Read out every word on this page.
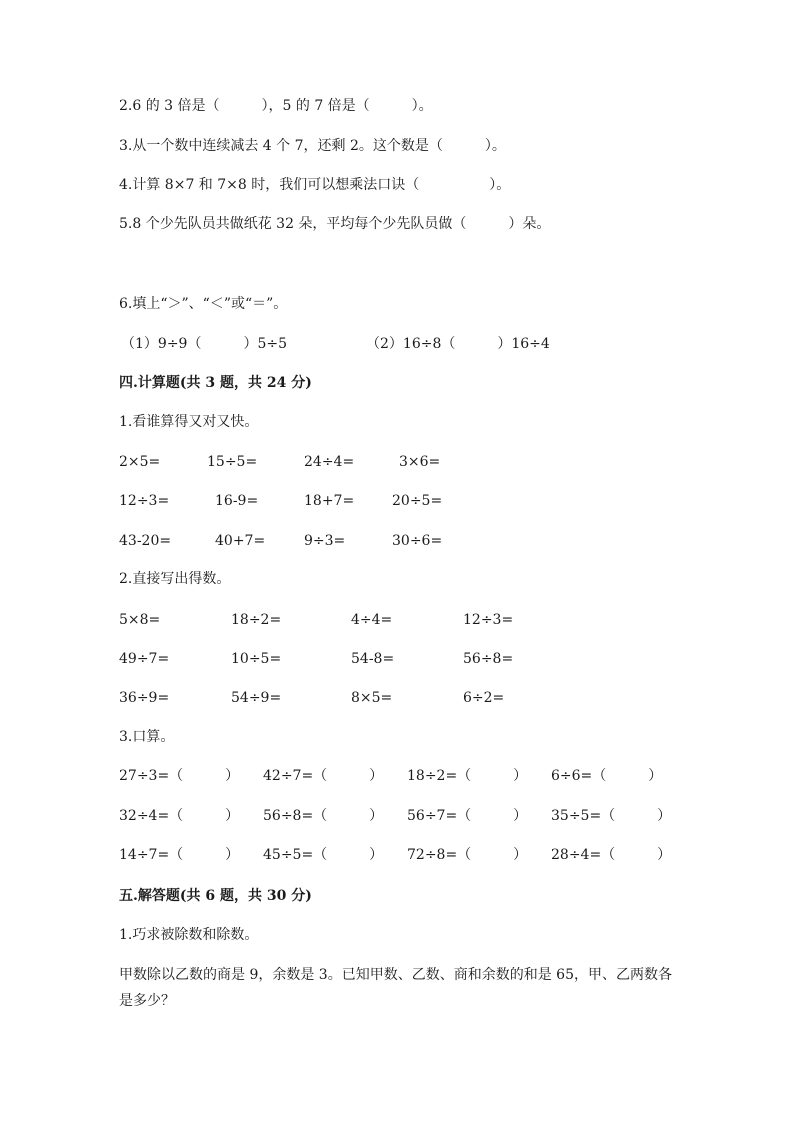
2.6 的 3 倍是（　　　），5 的 7 倍是（　　　）。
3.从一个数中连续减去 4 个 7，还剩 2。这个数是（　　　）。
4.计算 8×7 和 7×8 时，我们可以想乘法口诀（　　　　　）。
5.8 个少先队员共做纸花 32 朵，平均每个少先队员做（　　　）朵。
6.填上“＞”、“＜”或“＝”。
（1）9÷9（　　　）5÷5	（2）16÷8（　　　）16÷4
四.计算题(共 3 题，共 24 分)
1.看谁算得又对又快。
2×5=	15÷5=	24÷4=	3×6=
12÷3=	16-9=	18+7=	20÷5=
43-20=	40+7=	9÷3=	30÷6=
2.直接写出得数。
5×8=	18÷2=	4÷4=	12÷3=
49÷7=	10÷5=	54-8=	56÷8=
36÷9=	54÷9=	8×5=	6÷2=
3.口算。
27÷3=（　　　） 42÷7=（　　　） 18÷2=（　　　） 6÷6=（　　　）
32÷4=（　　　） 56÷8=（　　　） 56÷7=（　　　） 35÷5=（　　　）
14÷7=（　　　） 45÷5=（　　　） 72÷8=（　　　） 28÷4=（　　　）
五.解答题(共 6 题，共 30 分)
1.巧求被除数和除数。
甲数除以乙数的商是 9，余数是 3。已知甲数、乙数、商和余数的和是 65，甲、乙两数各是多少？
